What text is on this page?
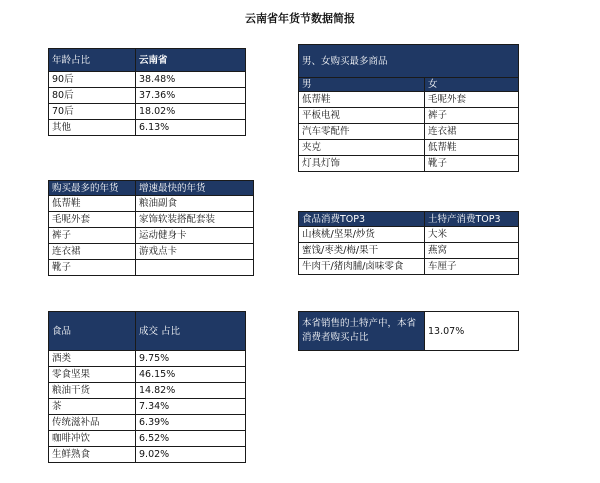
云南省年货节数据简报
年龄占比	云南省
90后	38.48%
80后	37.36%
70后	18.02%
其他	6.13%
男、女购买最多商品	
男	女
低帮鞋	毛呢外套
平板电视	裤子
汽车零配件	连衣裙
夹克	低帮鞋
灯具灯饰	靴子
购买最多的年货	增速最快的年货
低帮鞋	粮油副食
毛呢外套	家饰软装搭配套装
裤子	运动健身卡
连衣裙	游戏点卡
靴子	
食品消费TOP3	土特产消费TOP3
山核桃/坚果/炒货	大米
蜜饯/枣类/梅/果干	燕窝
牛肉干/猪肉脯/卤味零食	车厘子
食品	成交 占比
酒类	9.75%
零食坚果	46.15%
粮油干货	14.82%
茶	7.34%
传统滋补品	6.39%
咖啡冲饮	6.52%
生鲜熟食	9.02%
本省销售的土特产中，本省消费者购买占比	13.07%
